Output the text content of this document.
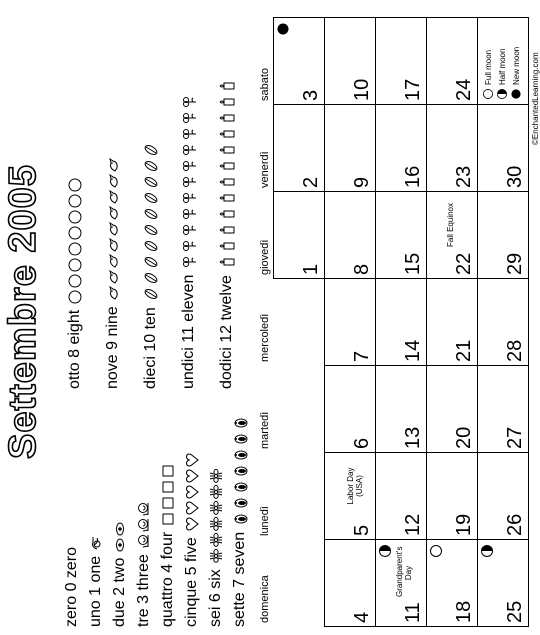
Settembre 2005
zero 0 zero uno 1 one due 2 two tre 3 three quattro 4 four cinque 5 five sei 6 six sette 7 seven
otto 8 eight nove 9 nine dieci 10 ten undici 11 eleven dodici 12 twelve
domenica
lunedì
martedì
mercoledì
giovedì
venerdì
sabato
1
2
3
4
5
6
7
8
9
10
11
12
13
14
15
16
17
18
19
20
21
22
23
24
25
26
27
28
29
30
Labor Day (USA)
Grandparent's Day
Fall Equinox
©EnchantedLearning.com
Full moon Half moon New moon
